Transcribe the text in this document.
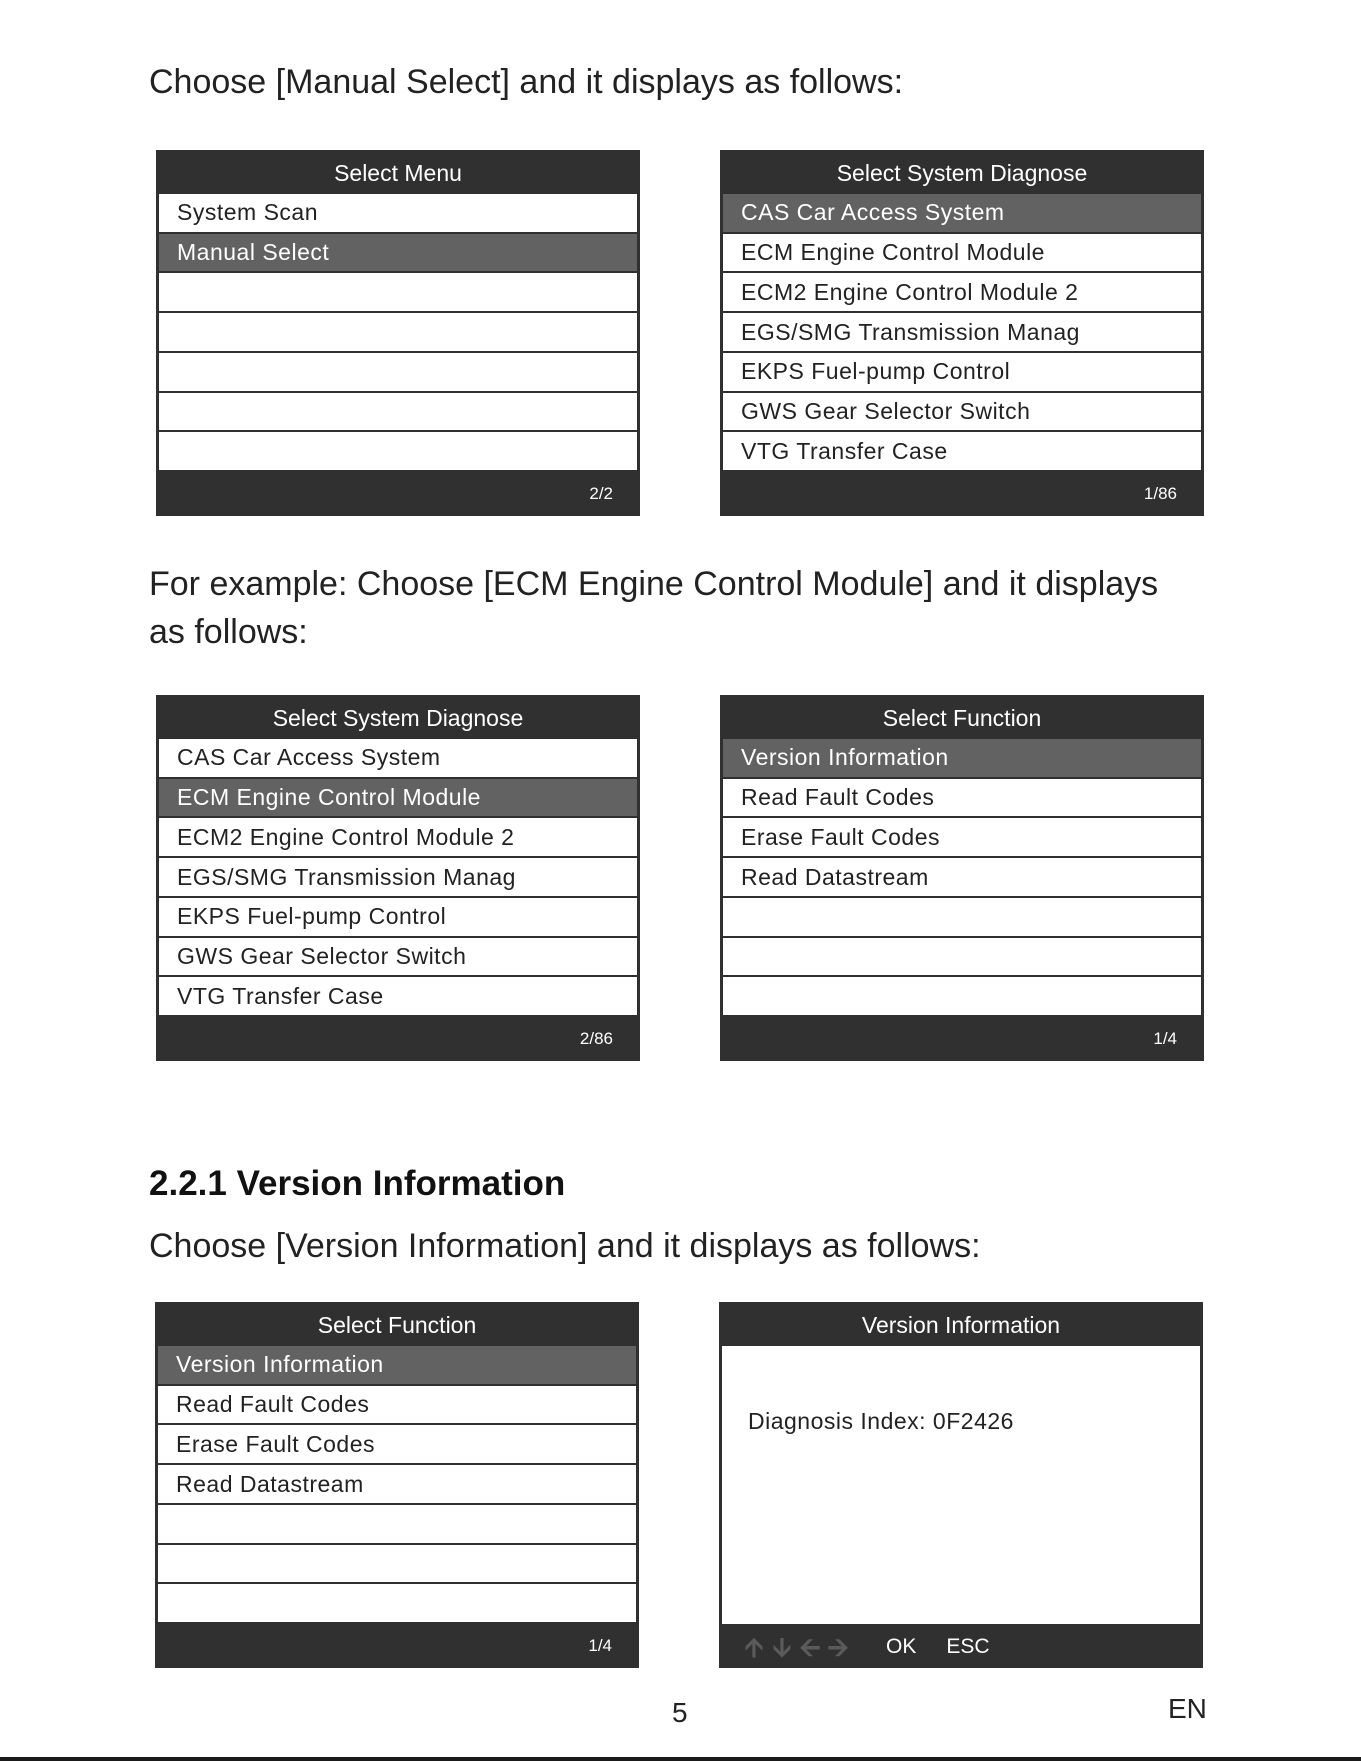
Choose [Manual Select] and it displays as follows:

Select Menu
System Scan
Manual Select
2/2
Select System Diagnose
CAS Car Access System
ECM Engine Control Module
ECM2 Engine Control Module 2
EGS/SMG Transmission Manag
EKPS Fuel-pump Control
GWS Gear Selector Switch
VTG Transfer Case
1/86

For example: Choose [ECM Engine Control Module] and it displays

as follows:

Select System Diagnose
CAS Car Access System
ECM Engine Control Module
ECM2 Engine Control Module 2
EGS/SMG Transmission Manag
EKPS Fuel-pump Control
GWS Gear Selector Switch
VTG Transfer Case
2/86
Select Function
Version Information
Read Fault Codes
Erase Fault Codes
Read Datastream
1/4
2.2.1 Version Information

Choose [Version Information] and it displays as follows:

Select Function
Version Information
Read Fault Codes
Erase Fault Codes
Read Datastream
1/4
Version Information
Diagnosis Index: 0F2426
🡩 🡫 🡨 🡪 OK ESC
5	EN
